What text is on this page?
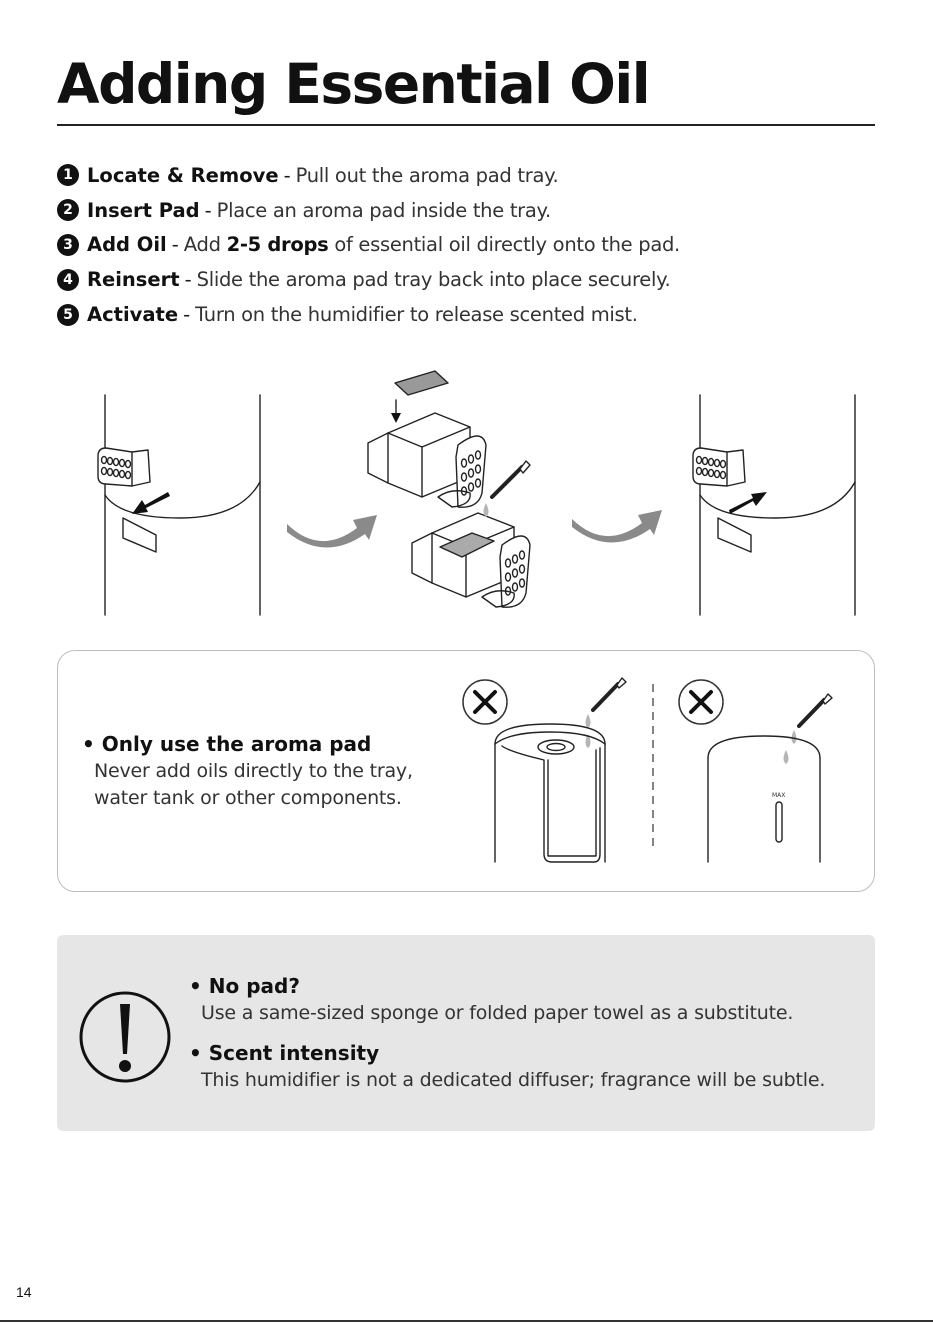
Adding Essential Oil
1 Locate & Remove - Pull out the aroma pad tray.
2 Insert Pad - Place an aroma pad inside the tray.
3 Add Oil - Add 2-5 drops of essential oil directly onto the pad.
4 Reinsert - Slide the aroma pad tray back into place securely.
5 Activate - Turn on the humidifier to release scented mist.
• Only use the aroma pad
Never add oils directly to the tray,
water tank or other components.	MAX
• No pad?
Use a same-sized sponge or folded paper towel as a substitute.
• Scent intensity
This humidifier is not a dedicated diffuser; fragrance will be subtle.
14
